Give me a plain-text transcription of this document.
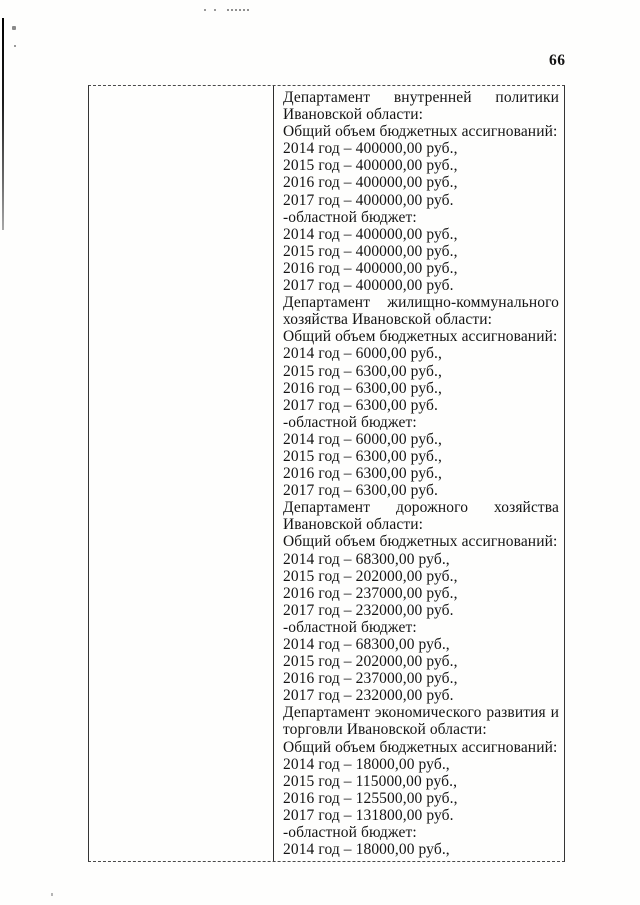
66
Департамент внутренней политики
Ивановской области:
Общий объем бюджетных ассигнований:
2014 год – 400000,00 руб.,
2015 год – 400000,00 руб.,
2016 год – 400000,00 руб.,
2017 год – 400000,00 руб.
-областной бюджет:
2014 год – 400000,00 руб.,
2015 год – 400000,00 руб.,
2016 год – 400000,00 руб.,
2017 год – 400000,00 руб.
Департамент жилищно-коммунального
хозяйства Ивановской области:
Общий объем бюджетных ассигнований:
2014 год – 6000,00 руб.,
2015 год – 6300,00 руб.,
2016 год – 6300,00 руб.,
2017 год – 6300,00 руб.
-областной бюджет:
2014 год – 6000,00 руб.,
2015 год – 6300,00 руб.,
2016 год – 6300,00 руб.,
2017 год – 6300,00 руб.
Департамент дорожного хозяйства
Ивановской области:
Общий объем бюджетных ассигнований:
2014 год – 68300,00 руб.,
2015 год – 202000,00 руб.,
2016 год – 237000,00 руб.,
2017 год – 232000,00 руб.
-областной бюджет:
2014 год – 68300,00 руб.,
2015 год – 202000,00 руб.,
2016 год – 237000,00 руб.,
2017 год – 232000,00 руб.
Департамент экономического развития и
торговли Ивановской области:
Общий объем бюджетных ассигнований:
2014 год – 18000,00 руб.,
2015 год – 115000,00 руб.,
2016 год – 125500,00 руб.,
2017 год – 131800,00 руб.
-областной бюджет:
2014 год – 18000,00 руб.,
